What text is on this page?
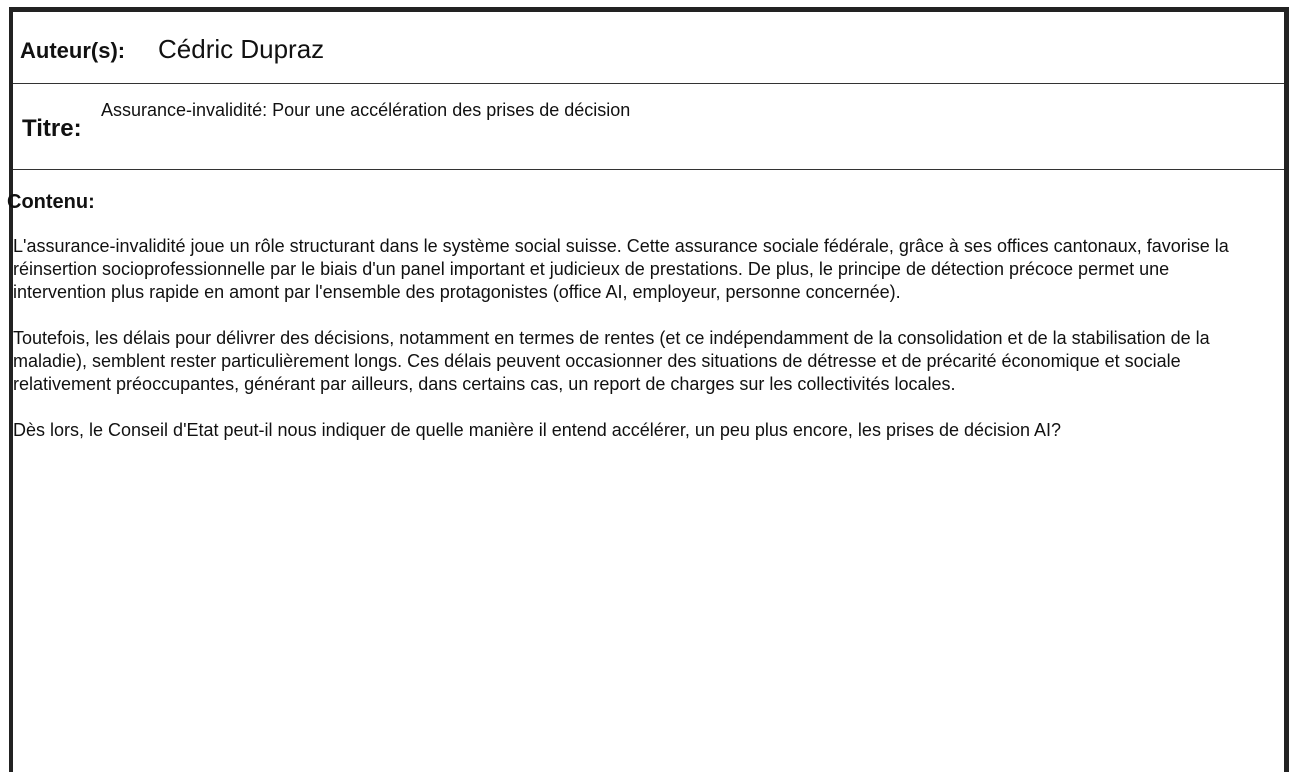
Auteur(s): Cédric Dupraz
Titre:
Assurance-invalidité: Pour une accélération des prises de décision
Contenu:

L'assurance-invalidité joue un rôle structurant dans le système social suisse. Cette assurance sociale fédérale, grâce à ses offices cantonaux, favorise la réinsertion socioprofessionnelle par le biais d'un panel important et judicieux de prestations. De plus, le principe de détection précoce permet une intervention plus rapide en amont par l'ensemble des protagonistes (office AI, employeur, personne concernée).

Toutefois, les délais pour délivrer des décisions, notamment en termes de rentes (et ce indépendamment de la consolidation et de la stabilisation de la maladie), semblent rester particulièrement longs. Ces délais peuvent occasionner des situations de détresse et de précarité économique et sociale relativement préoccupantes, générant par ailleurs, dans certains cas, un report de charges sur les collectivités locales.

Dès lors, le Conseil d'Etat peut-il nous indiquer de quelle manière il entend accélérer, un peu plus encore, les prises de décision AI?
